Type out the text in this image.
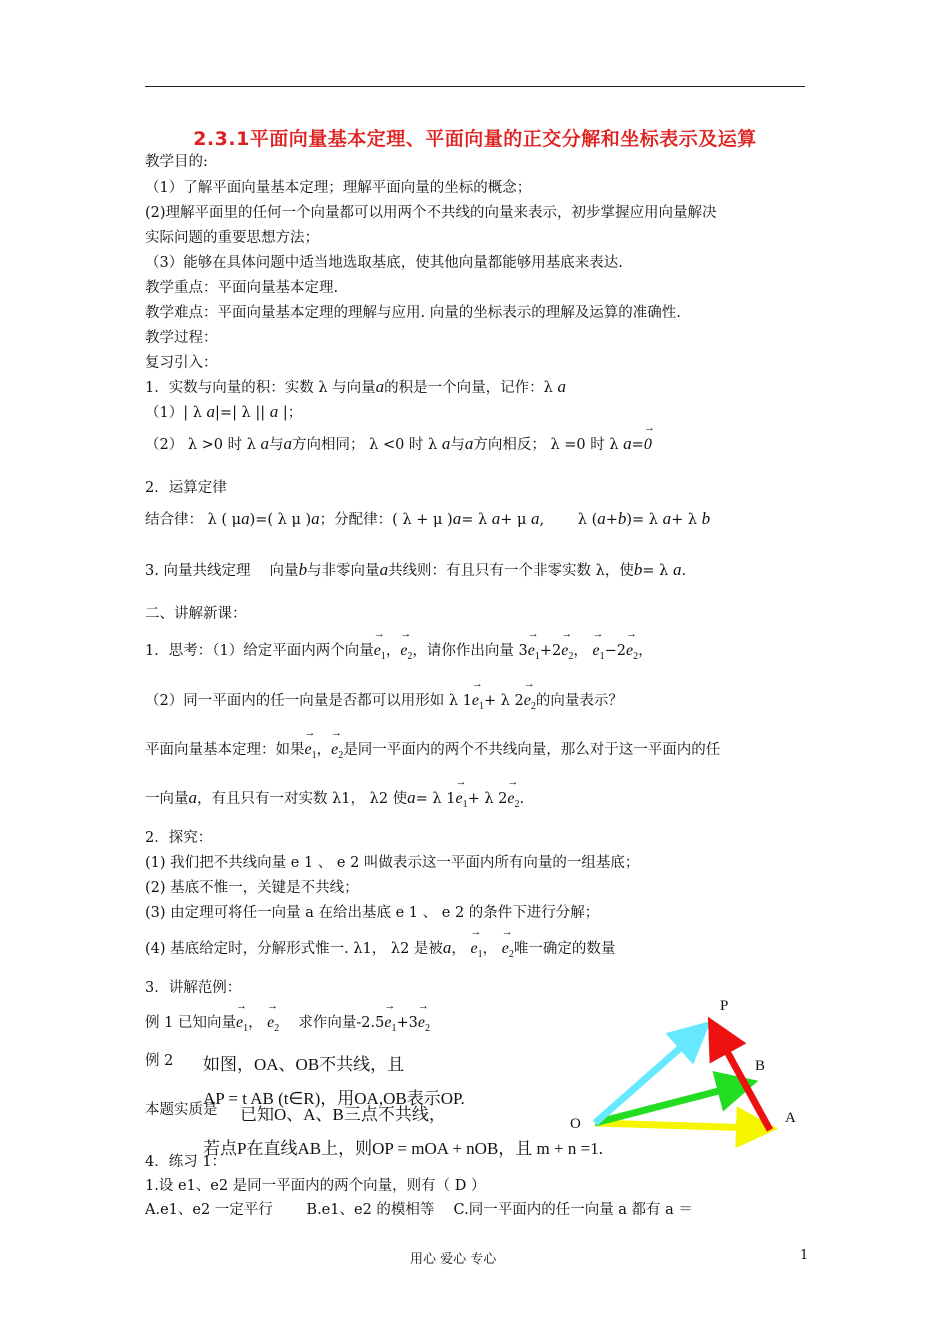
2.3.1平面向量基本定理、平面向量的正交分解和坐标表示及运算
教学目的:
（1）了解平面向量基本定理；理解平面向量的坐标的概念；
(2)理解平面里的任何一个向量都可以用两个不共线的向量来表示，初步掌握应用向量解决
实际问题的重要思想方法；
（3）能够在具体问题中适当地选取基底，使其他向量都能够用基底来表达.
教学重点：平面向量基本定理.
教学难点：平面向量基本定理的理解与应用. 向量的坐标表示的理解及运算的准确性.
教学过程：
复习引入：
1．实数与向量的积：实数 λ 与向量a的积是一个向量，记作：λ a
（1）| λ a|=| λ || a |；
（2） λ >0 时 λ a与a方向相同； λ <0 时 λ a与a方向相反； λ =0 时 λ a=→ 0
2．运算定律
结合律： λ ( μa)=( λ μ )a；分配律：( λ + μ )a= λ a+ μ a,　　 λ (a+b)= λ a+ λ b
3. 向量共线定理　 向量b与非零向量a共线则：有且只有一个非零实数 λ，使b= λ a.
二、讲解新课：
1．思考：（1）给定平面内两个向量→ $e_1$，→ $e_2$，请你作出向量 $3\to e_1+2\to e_2$， → $e_1-2\to e_2$，
（2）同一平面内的任一向量是否都可以用形如 λ $1\to e_1+ \lambda$ $2\to e_2$的向量表示？
平面向量基本定理：如果→ $e_1$，→ $e_2$是同一平面内的两个不共线向量，那么对于这一平面内的任
一向量a，有且只有一对实数 λ1， λ2 使a= λ $1\to e_1+ \lambda$ $2\to e_2$.
2．探究：
(1) 我们把不共线向量 e 1 、 e 2 叫做表示这一平面内所有向量的一组基底；
(2) 基底不惟一，关键是不共线；
(3) 由定理可将任一向量 a 在给出基底 e 1 、 e 2 的条件下进行分解；
(4) 基底给定时，分解形式惟一. λ1， λ2 是被a， → $e_1$， → $e_2$唯一确定的数量
3．讲解范例：
例 1 已知向量→ $e_1$， → $e_2$　 求作向量$-2.5\to e_1+3\to e_2$
例 2 如图，OA、OB不共线，且
AP = t AB (t∈R)，用OA,OB表示OP.
本题实质是 已知O、A、B三点不共线，
若点P在直线AB上，则OP = mOA + nOB，且 m + n =1.
4．练习 1：
1.设 e1、e2 是同一平面内的两个向量，则有（ D ）
A.e1、e2 一定平行　　 B.e1、e2 的模相等　 C.同一平面内的任一向量 a 都有 a ＝
P
B
O	A
用心 爱心 专心	1
